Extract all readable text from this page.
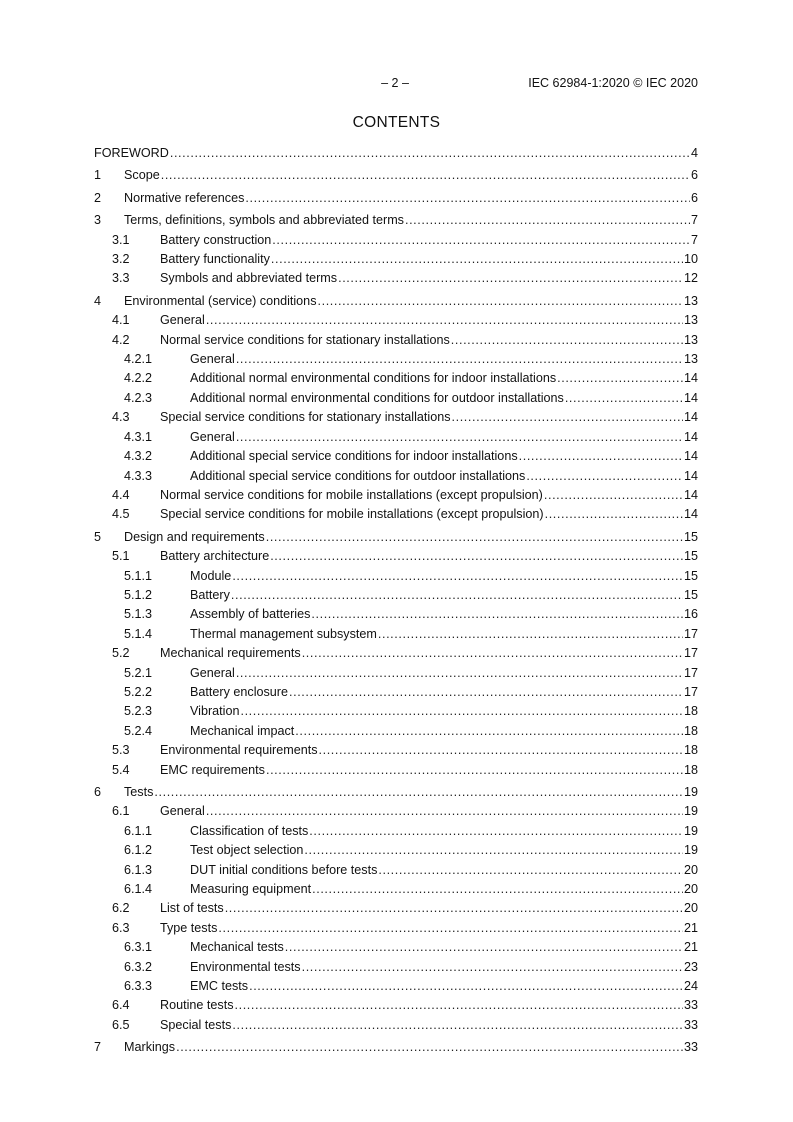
– 2 –	IEC 62984-1:2020 © IEC 2020
CONTENTS
FOREWORD .....	4
1	Scope .....	6
2	Normative references .....	6
3	Terms, definitions, symbols and abbreviated terms .....	7
3.1	Battery construction .....	7
3.2	Battery functionality .....	10
3.3	Symbols and abbreviated terms .....	12
4	Environmental (service) conditions .....	13
4.1	General .....	13
4.2	Normal service conditions for stationary installations .....	13
4.2.1	General .....	13
4.2.2	Additional normal environmental conditions for indoor installations .....	14
4.2.3	Additional normal environmental conditions for outdoor installations .....	14
4.3	Special service conditions for stationary installations .....	14
4.3.1	General .....	14
4.3.2	Additional special service conditions for indoor installations .....	14
4.3.3	Additional special service conditions for outdoor installations .....	14
4.4	Normal service conditions for mobile installations (except propulsion) .....	14
4.5	Special service conditions for mobile installations (except propulsion) .....	14
5	Design and requirements .....	15
5.1	Battery architecture .....	15
5.1.1	Module .....	15
5.1.2	Battery .....	15
5.1.3	Assembly of batteries .....	16
5.1.4	Thermal management subsystem .....	17
5.2	Mechanical requirements .....	17
5.2.1	General .....	17
5.2.2	Battery enclosure .....	17
5.2.3	Vibration .....	18
5.2.4	Mechanical impact .....	18
5.3	Environmental requirements .....	18
5.4	EMC requirements .....	18
6	Tests .....	19
6.1	General .....	19
6.1.1	Classification of tests .....	19
6.1.2	Test object selection .....	19
6.1.3	DUT initial conditions before tests .....	20
6.1.4	Measuring equipment .....	20
6.2	List of tests .....	20
6.3	Type tests .....	21
6.3.1	Mechanical tests .....	21
6.3.2	Environmental tests .....	23
6.3.3	EMC tests .....	24
6.4	Routine tests .....	33
6.5	Special tests .....	33
7	Markings .....	33
